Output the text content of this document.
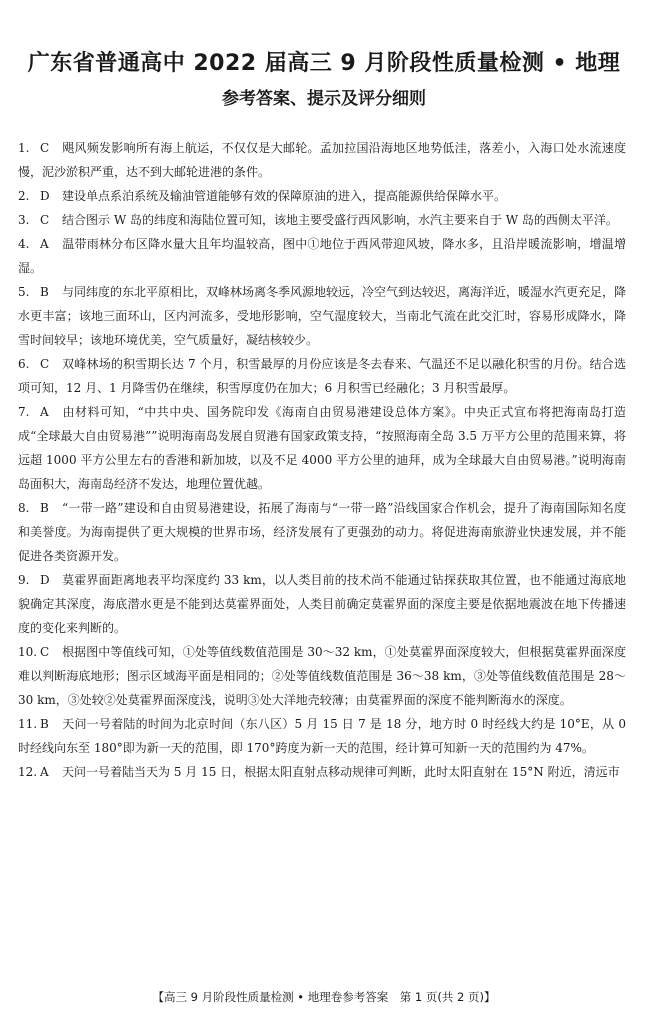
广东省普通高中 2022 届高三 9 月阶段性质量检测 • 地理
参考答案、提示及评分细则

1. C 飓风频发影响所有海上航运，不仅仅是大邮轮。孟加拉国沿海地区地势低洼，落差小，入海口处水流速度慢，泥沙淤积严重，达不到大邮轮进港的条件。

2. D 建设单点系泊系统及输油管道能够有效的保障原油的进入，提高能源供给保障水平。

3. C 结合图示 W 岛的纬度和海陆位置可知，该地主要受盛行西风影响，水汽主要来自于 W 岛的西侧太平洋。

4. A 温带雨林分布区降水量大且年均温较高，图中①地位于西风带迎风坡，降水多，且沿岸暖流影响，增温增湿。

5. B 与同纬度的东北平原相比，双峰林场离冬季风源地较远，冷空气到达较迟，离海洋近，暖湿水汽更充足，降水更丰富；该地三面环山，区内河流多，受地形影响，空气湿度较大，当南北气流在此交汇时，容易形成降水，降雪时间较早；该地环境优美，空气质量好，凝结核较少。

6. C 双峰林场的积雪期长达 7 个月，积雪最厚的月份应该是冬去春来、气温还不足以融化积雪的月份。结合选项可知，12 月、1 月降雪仍在继续，积雪厚度仍在加大；6 月积雪已经融化；3 月积雪最厚。

7. A 由材料可知，“中共中央、国务院印发《海南自由贸易港建设总体方案》。中央正式宣布将把海南岛打造成“全球最大自由贸易港””说明海南岛发展自贸港有国家政策支持，“按照海南全岛 3.5 万平方公里的范围来算，将远超 1000 平方公里左右的香港和新加坡，以及不足 4000 平方公里的迪拜，成为全球最大自由贸易港。”说明海南岛面积大，海南岛经济不发达，地理位置优越。

8. B “一带一路”建设和自由贸易港建设，拓展了海南与“一带一路”沿线国家合作机会，提升了海南国际知名度和美誉度。为海南提供了更大规模的世界市场，经济发展有了更强劲的动力。将促进海南旅游业快速发展，并不能促进各类资源开发。

9. D 莫霍界面距离地表平均深度约 33 km，以人类目前的技术尚不能通过钻探获取其位置，也不能通过海底地貌确定其深度，海底潜水更是不能到达莫霍界面处，人类目前确定莫霍界面的深度主要是依据地震波在地下传播速度的变化来判断的。

10. C 根据图中等值线可知，①处等值线数值范围是 30～32 km，①处莫霍界面深度较大，但根据莫霍界面深度难以判断海底地形；图示区域海平面是相同的；②处等值线数值范围是 36～38 km，③处等值线数值范围是 28～30 km，③处较②处莫霍界面深度浅，说明③处大洋地壳较薄；由莫霍界面的深度不能判断海水的深度。

11. B 天问一号着陆的时间为北京时间（东八区）5 月 15 日 7 是 18 分，地方时 0 时经线大约是 10°E，从 0 时经线向东至 180°即为新一天的范围，即 170°跨度为新一天的范围，经计算可知新一天的范围约为 47%。

12. A 天问一号着陆当天为 5 月 15 日，根据太阳直射点移动规律可判断，此时太阳直射在 15°N 附近，清远市

【高三 9 月阶段性质量检测 • 地理卷参考答案　第 1 页(共 2 页)】
